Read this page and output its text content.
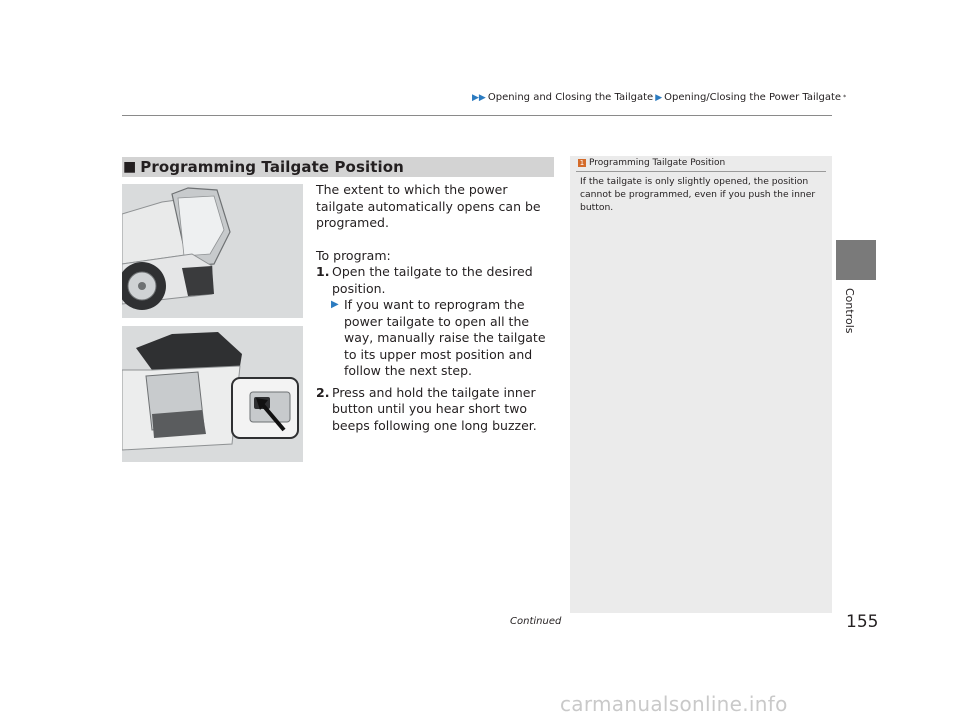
▶▶ Opening and Closing the Tailgate ▶ Opening/Closing the Power Tailgate *
■ Programming Tailgate Position

The extent to which the power tailgate automatically opens can be programed.

To program:

1. Open the tailgate to the desired position.
▶ If you want to reprogram the power tailgate to open all the way, manually raise the tailgate to its upper most position and follow the next step.
2. Press and hold the tailgate inner button until you hear short two beeps following one long buzzer.
1 Programming Tailgate Position
If the tailgate is only slightly opened, the position cannot be programmed, even if you push the inner button.
Controls
Continued	155
carmanualsonline.info
